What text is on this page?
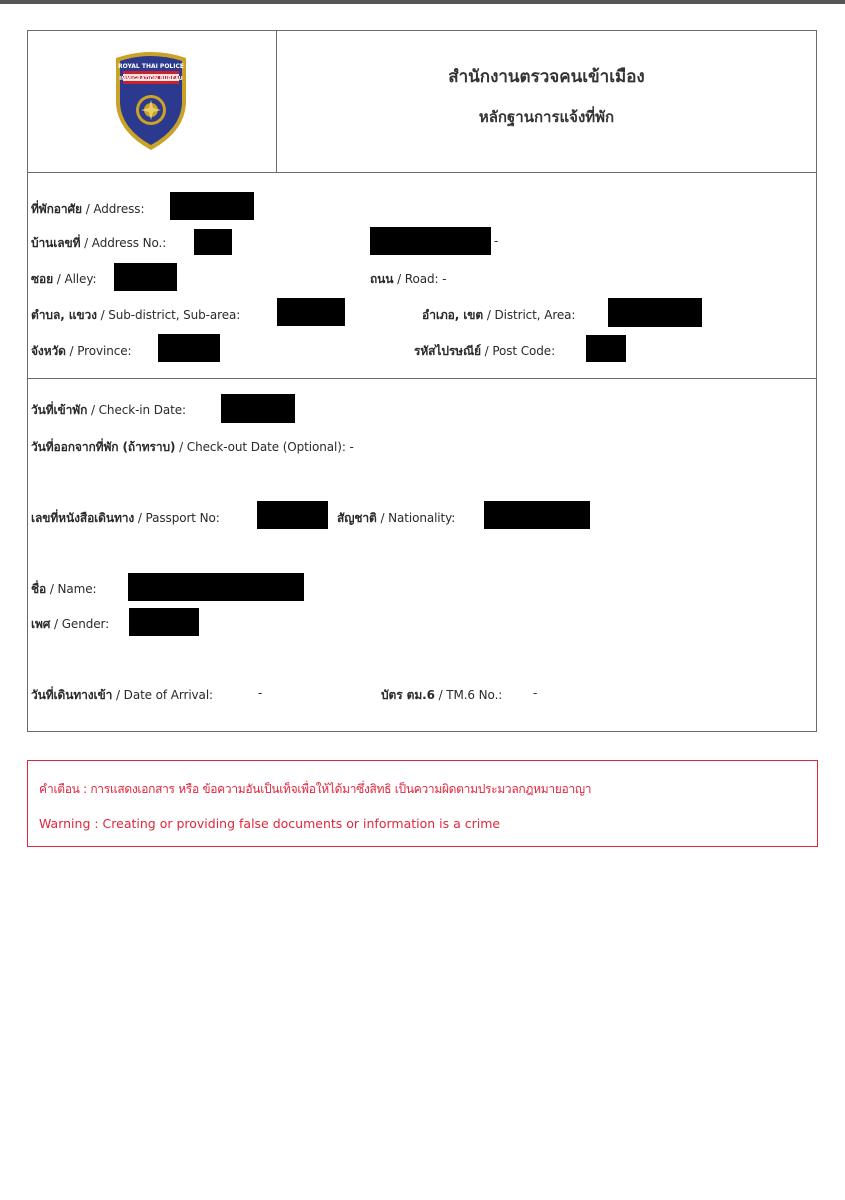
ROYAL THAI POLICE
IMMIGRATION BUREAU	สำนักงานตรวจคนเข้าเมือง
หลักฐานการแจ้งที่พัก
ที่พักอาศัย / Address:
บ้านเลขที่ / Address No.:	-
ซอย / Alley:	ถนน / Road: -
ตำบล, แขวง / Sub-district, Sub-area:	อำเภอ, เขต / District, Area:
จังหวัด / Province:	รหัสไปรษณีย์ / Post Code:
วันที่เข้าพัก / Check-in Date:
วันที่ออกจากที่พัก (ถ้าทราบ) / Check-out Date (Optional): -
เลขที่หนังสือเดินทาง / Passport No:	สัญชาติ / Nationality:
ชื่อ / Name:
เพศ / Gender:
วันที่เดินทางเข้า / Date of Arrival:	-	บัตร ตม.6 / TM.6 No.:	-
คำเตือน : การแสดงเอกสาร หรือ ข้อความอันเป็นเท็จเพื่อให้ได้มาซึ่งสิทธิ เป็นความผิดตามประมวลกฎหมายอาญา
Warning : Creating or providing false documents or information is a crime
